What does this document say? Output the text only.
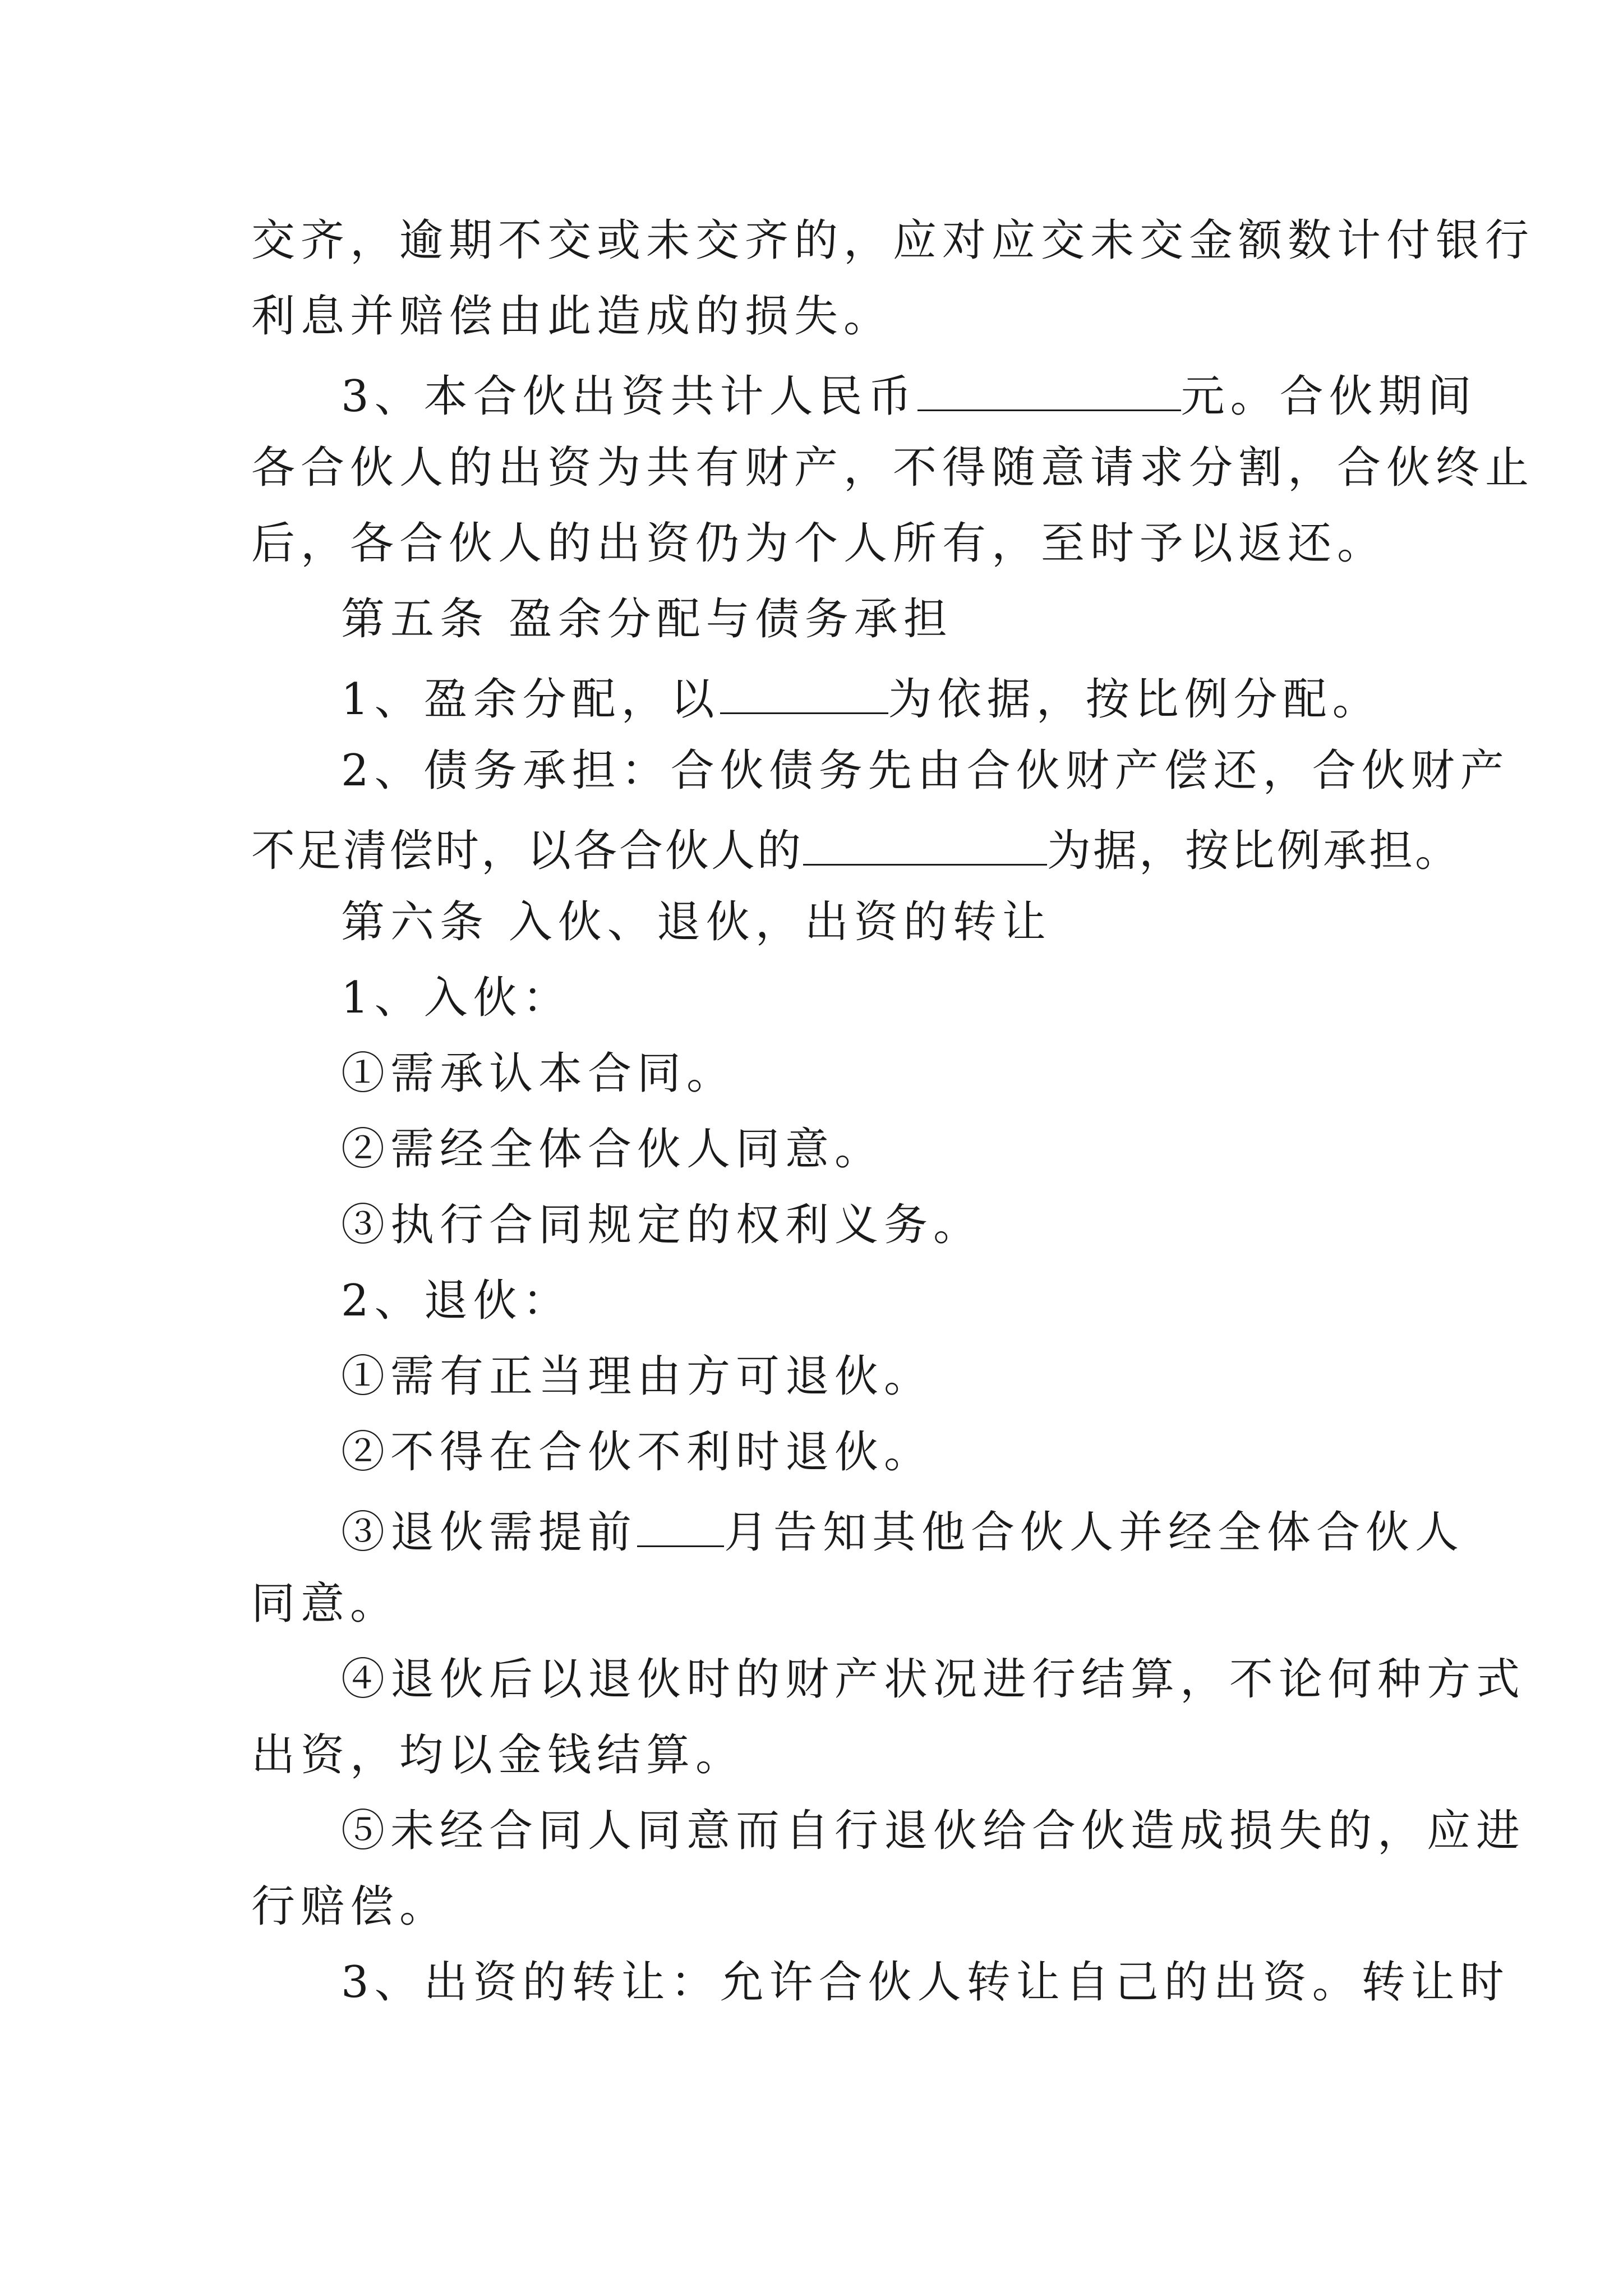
交齐，逾期不交或未交齐的，应对应交未交金额数计付银行
利息并赔偿由此造成的损失。
3、本合伙出资共计人民币	元。合伙期间
各合伙人的出资为共有财产，不得随意请求分割，合伙终止
后，各合伙人的出资仍为个人所有，至时予以返还。
第五条 盈余分配与债务承担
1、盈余分配，以	为依据，按比例分配。
2、债务承担：合伙债务先由合伙财产偿还，合伙财产
不足清偿时，以各合伙人的	为据，按比例承担。
第六条 入伙、退伙，出资的转让
1、入伙：
①需承认本合同。
②需经全体合伙人同意。
③执行合同规定的权利义务。
2、退伙：
①需有正当理由方可退伙。
②不得在合伙不利时退伙。
③退伙需提前 月告知其他合伙人并经全体合伙人
同意。
④退伙后以退伙时的财产状况进行结算，不论何种方式
出资，均以金钱结算。
⑤未经合同人同意而自行退伙给合伙造成损失的，应进
行赔偿。
3、出资的转让：允许合伙人转让自己的出资。转让时
